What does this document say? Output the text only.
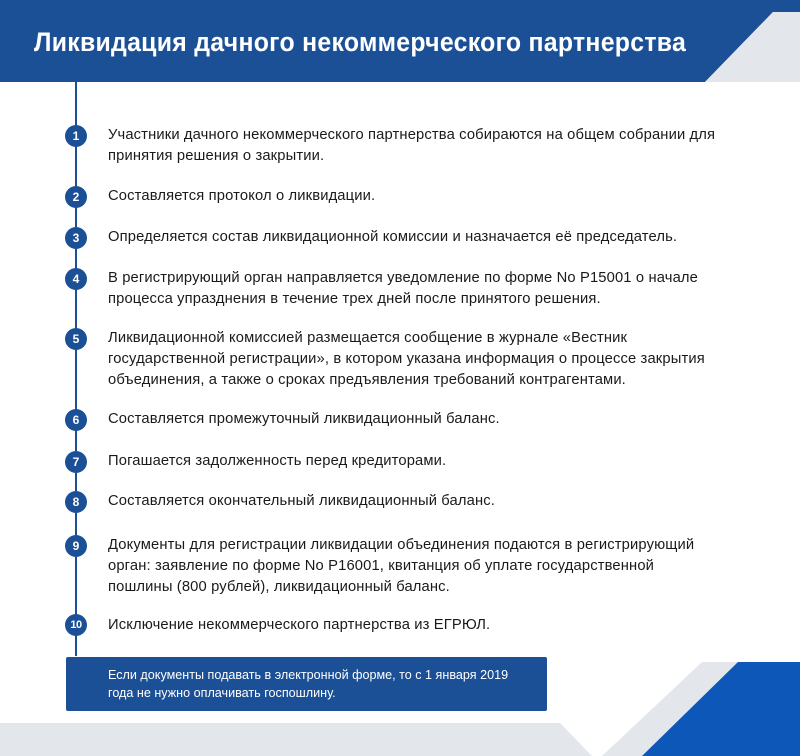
Ликвидация дачного некоммерческого партнерства
1	Участники дачного некоммерческого партнерства собираются на общем собрании для принятия решения о закрытии.
2	Составляется протокол о ликвидации.
3	Определяется состав ликвидационной комиссии и назначается её председатель.
4	В регистрирующий орган направляется уведомление по форме No Р15001 о начале процесса упразднения в течение трех дней после принятого решения.
5	Ликвидационной комиссией размещается сообщение в журнале «Вестник государственной регистрации», в котором указана информация о процессе закрытия объединения, а также о сроках предъявления требований контрагентами.
6	Составляется промежуточный ликвидационный баланс.
7	Погашается задолженность перед кредиторами.
8	Составляется окончательный ликвидационный баланс.
9	Документы для регистрации ликвидации объединения подаются в регистрирующий орган: заявление по форме No Р16001, квитанция об уплате государственной пошлины (800 рублей), ликвидационный баланс.
10	Исключение некоммерческого партнерства из ЕГРЮЛ.
Если документы подавать в электронной форме, то с 1 января 2019 года не нужно оплачивать госпошлину.
